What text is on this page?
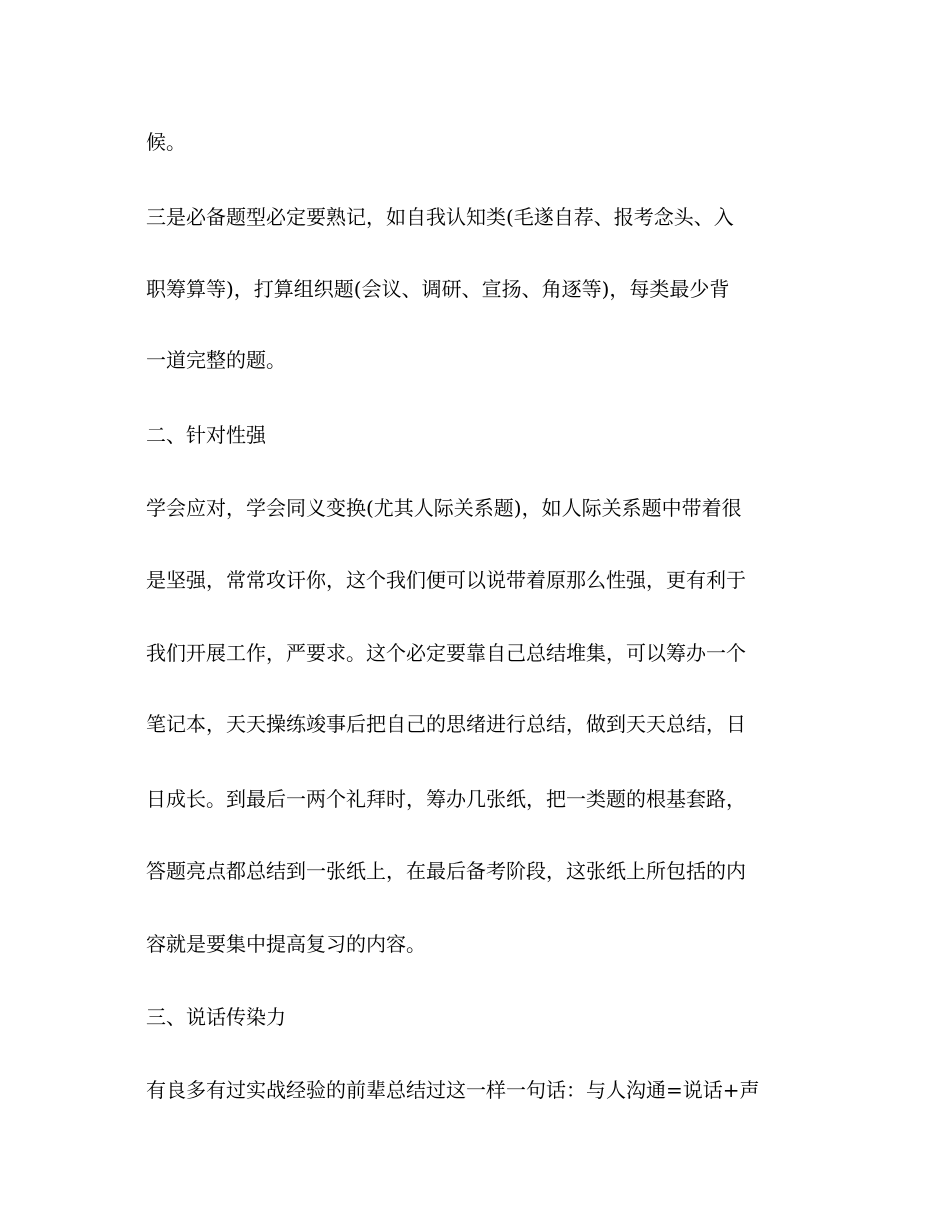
候。
三是必备题型必定要熟记，如自我认知类(毛遂自荐、报考念头、入
职筹算等)，打算组织题(会议、调研、宣扬、角逐等)，每类最少背
一道完整的题。
二、针对性强
学会应对，学会同义变换(尤其人际关系题)，如人际关系题中带着很
是坚强，常常攻讦你，这个我们便可以说带着原那么性强，更有利于
我们开展工作，严要求。这个必定要靠自己总结堆集，可以筹办一个
笔记本，天天操练竣事后把自己的思绪进行总结，做到天天总结，日
日成长。到最后一两个礼拜时，筹办几张纸，把一类题的根基套路，
答题亮点都总结到一张纸上，在最后备考阶段，这张纸上所包括的内
容就是要集中提高复习的内容。
三、说话传染力
有良多有过实战经验的前辈总结过这一样一句话：与人沟通=说话+声
